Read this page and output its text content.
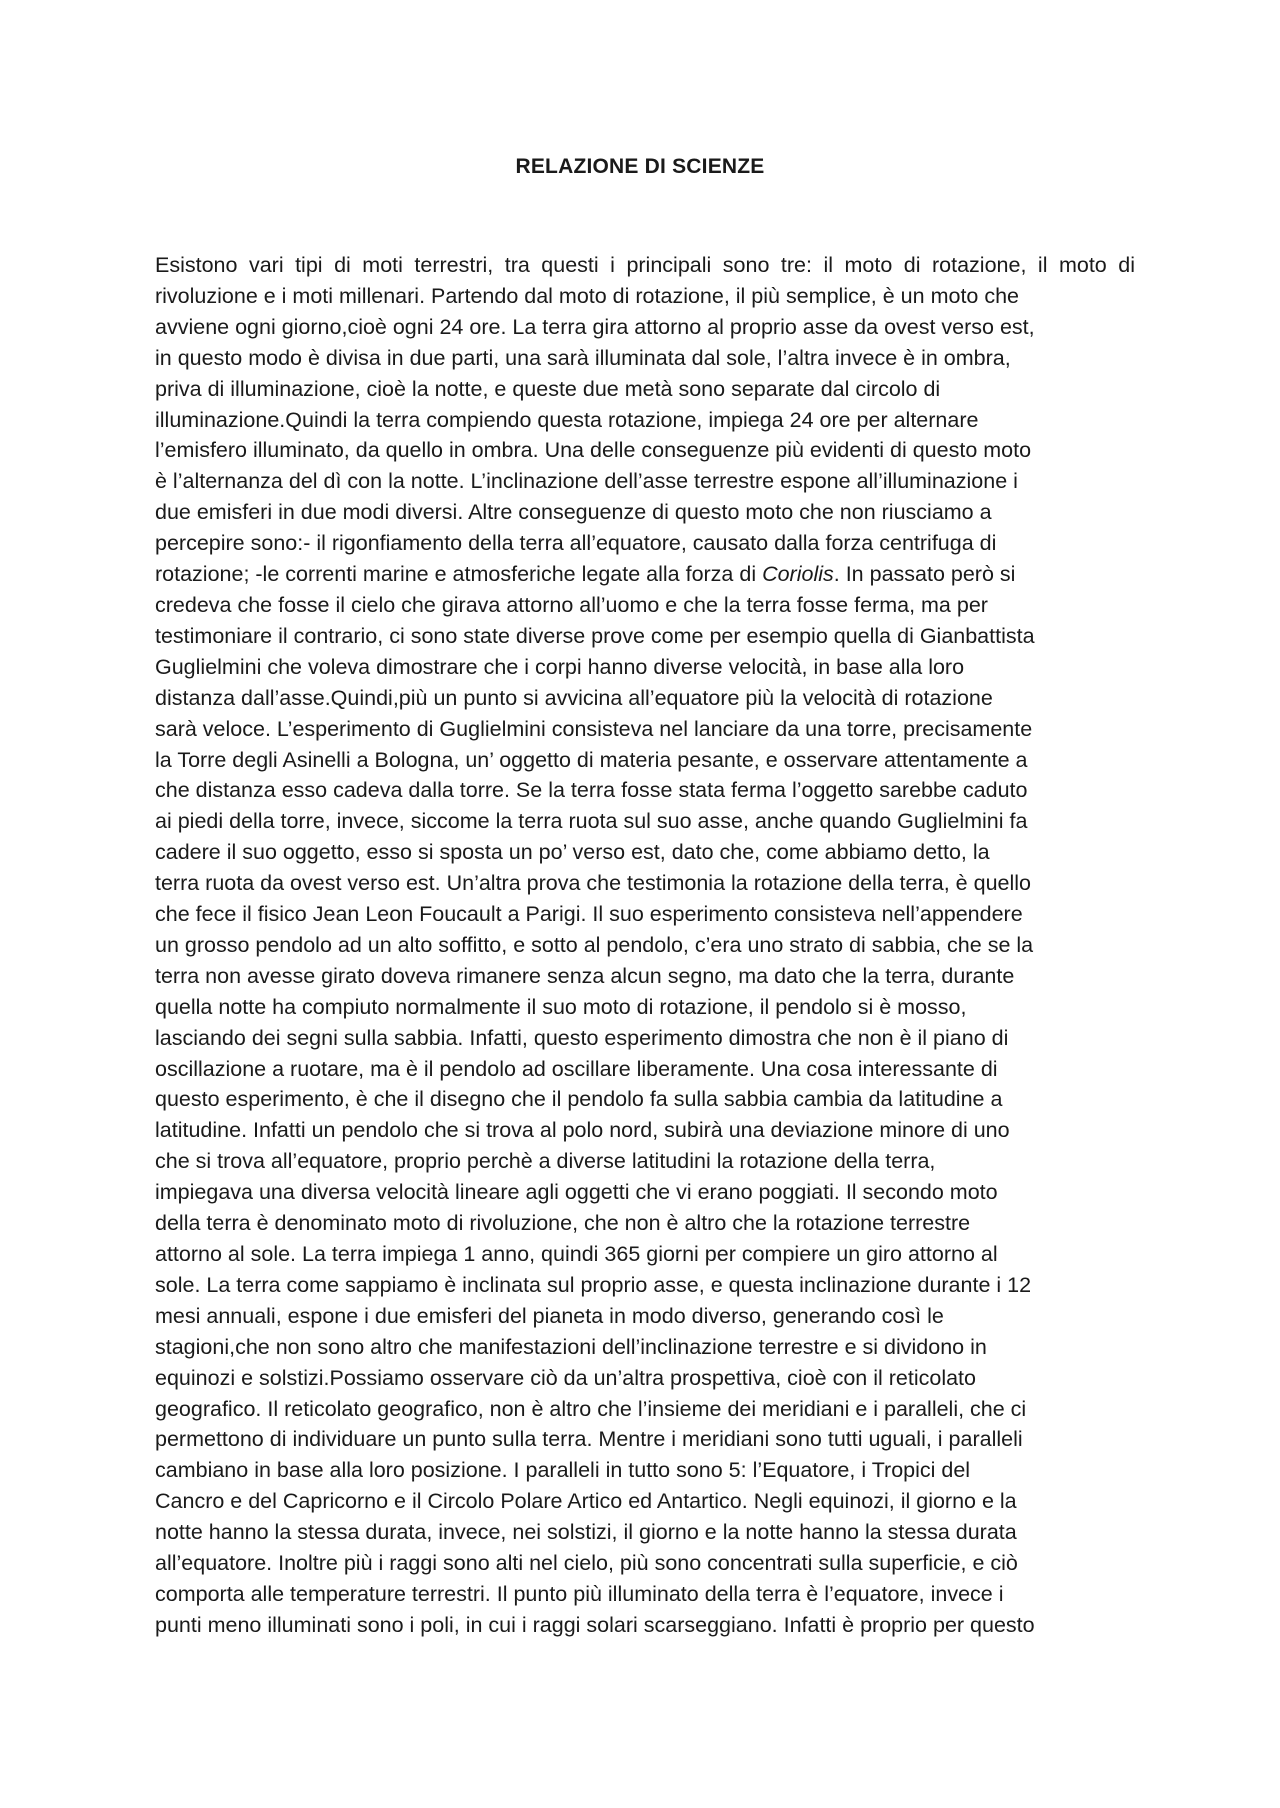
RELAZIONE DI SCIENZE
Esistono vari tipi di moti terrestri, tra questi i principali sono tre: il moto di rotazione, il moto di
rivoluzione e i moti millenari. Partendo dal moto di rotazione, il più semplice, è un moto che
avviene ogni giorno,cioè ogni 24 ore. La terra gira attorno al proprio asse da ovest verso est,
in questo modo è divisa in due parti, una sarà illuminata dal sole, l’altra invece è in ombra,
priva di illuminazione, cioè la notte, e queste due metà sono separate dal circolo di
illuminazione.Quindi la terra compiendo questa rotazione, impiega 24 ore per alternare
l’emisfero illuminato, da quello in ombra. Una delle conseguenze più evidenti di questo moto
è l’alternanza del dì con la notte. L’inclinazione dell’asse terrestre espone all’illuminazione i
due emisferi in due modi diversi. Altre conseguenze di questo moto che non riusciamo a
percepire sono:- il rigonfiamento della terra all’equatore, causato dalla forza centrifuga di
rotazione; -le correnti marine e atmosferiche legate alla forza di Coriolis. In passato però si
credeva che fosse il cielo che girava attorno all’uomo e che la terra fosse ferma, ma per
testimoniare il contrario, ci sono state diverse prove come per esempio quella di Gianbattista
Guglielmini che voleva dimostrare che i corpi hanno diverse velocità, in base alla loro
distanza dall’asse.Quindi,più un punto si avvicina all’equatore più la velocità di rotazione
sarà veloce. L’esperimento di Guglielmini consisteva nel lanciare da una torre, precisamente
la Torre degli Asinelli a Bologna, un’ oggetto di materia pesante, e osservare attentamente a
che distanza esso cadeva dalla torre. Se la terra fosse stata ferma l’oggetto sarebbe caduto
ai piedi della torre, invece, siccome la terra ruota sul suo asse, anche quando Guglielmini fa
cadere il suo oggetto, esso si sposta un po’ verso est, dato che, come abbiamo detto, la
terra ruota da ovest verso est. Un’altra prova che testimonia la rotazione della terra, è quello
che fece il fisico Jean Leon Foucault a Parigi. Il suo esperimento consisteva nell’appendere
un grosso pendolo ad un alto soffitto, e sotto al pendolo, c’era uno strato di sabbia, che se la
terra non avesse girato doveva rimanere senza alcun segno, ma dato che la terra, durante
quella notte ha compiuto normalmente il suo moto di rotazione, il pendolo si è mosso,
lasciando dei segni sulla sabbia. Infatti, questo esperimento dimostra che non è il piano di
oscillazione a ruotare, ma è il pendolo ad oscillare liberamente. Una cosa interessante di
questo esperimento, è che il disegno che il pendolo fa sulla sabbia cambia da latitudine a
latitudine. Infatti un pendolo che si trova al polo nord, subirà una deviazione minore di uno
che si trova all’equatore, proprio perchè a diverse latitudini la rotazione della terra,
impiegava una diversa velocità lineare agli oggetti che vi erano poggiati. Il secondo moto
della terra è denominato moto di rivoluzione, che non è altro che la rotazione terrestre
attorno al sole. La terra impiega 1 anno, quindi 365 giorni per compiere un giro attorno al
sole. La terra come sappiamo è inclinata sul proprio asse, e questa inclinazione durante i 12
mesi annuali, espone i due emisferi del pianeta in modo diverso, generando così le
stagioni,che non sono altro che manifestazioni dell’inclinazione terrestre e si dividono in
equinozi e solstizi.Possiamo osservare ciò da un’altra prospettiva, cioè con il reticolato
geografico. Il reticolato geografico, non è altro che l’insieme dei meridiani e i paralleli, che ci
permettono di individuare un punto sulla terra. Mentre i meridiani sono tutti uguali, i paralleli
cambiano in base alla loro posizione. I paralleli in tutto sono 5: l’Equatore, i Tropici del
Cancro e del Capricorno e il Circolo Polare Artico ed Antartico. Negli equinozi, il giorno e la
notte hanno la stessa durata, invece, nei solstizi, il giorno e la notte hanno la stessa durata
all’equatore. Inoltre più i raggi sono alti nel cielo, più sono concentrati sulla superficie, e ciò
comporta alle temperature terrestri. Il punto più illuminato della terra è l’equatore, invece i
punti meno illuminati sono i poli, in cui i raggi solari scarseggiano. Infatti è proprio per questo
